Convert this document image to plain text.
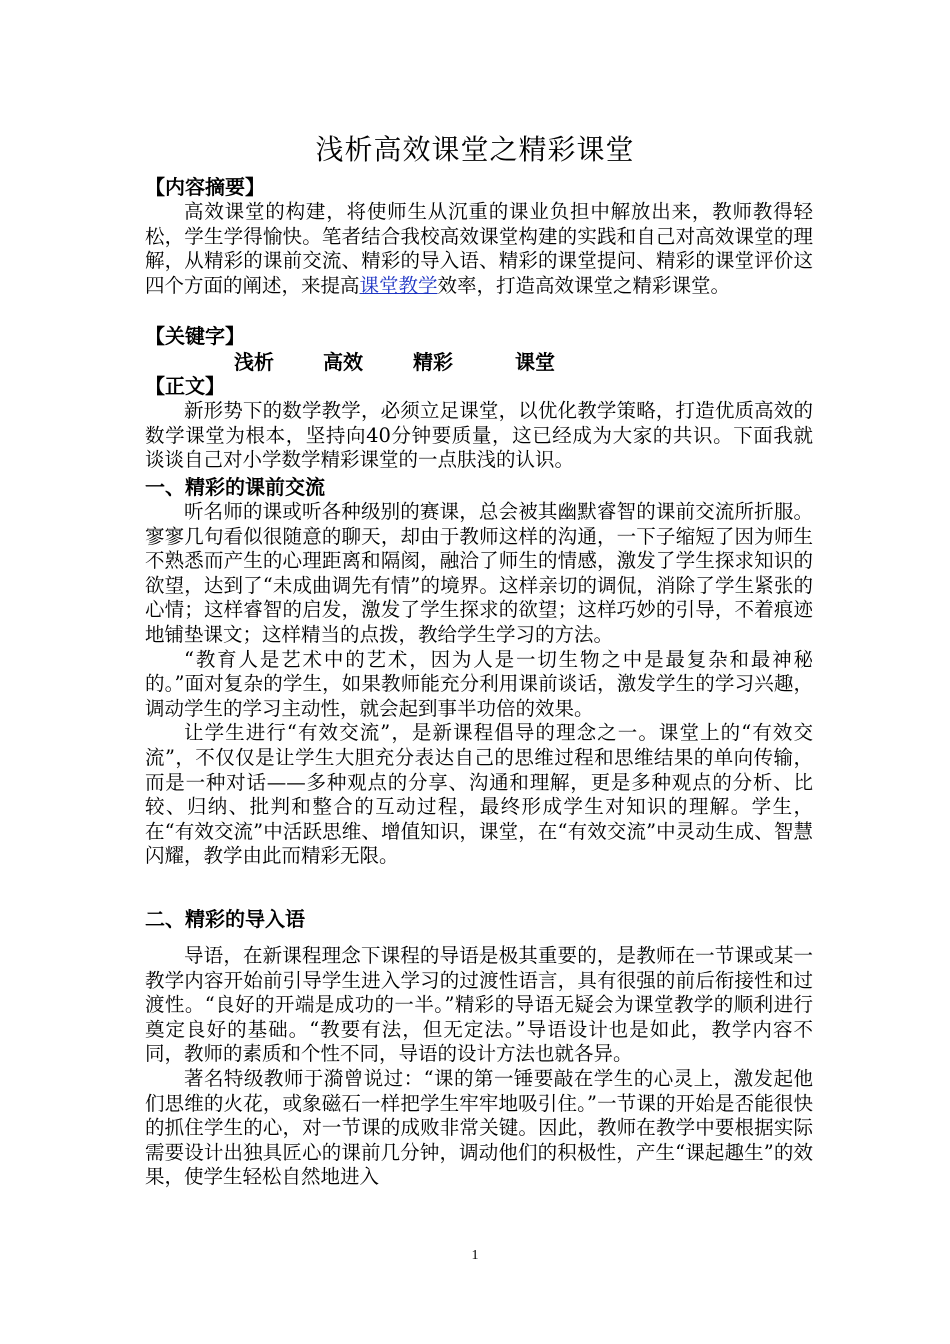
浅析高效课堂之精彩课堂

【内容摘要】

高效课堂的构建，将使师生从沉重的课业负担中解放出来，教师教得轻松，学生学得愉快。笔者结合我校高效课堂构建的实践和自己对高效课堂的理解，从精彩的课前交流、精彩的导入语、精彩的课堂提问、精彩的课堂评价这四个方面的阐述，来提高课堂教学效率，打造高效课堂之精彩课堂。

【关键字】

浅析 高效	精彩	课堂

【正文】

新形势下的数学教学，必须立足课堂，以优化教学策略，打造优质高效的数学课堂为根本，坚持向40分钟要质量，这已经成为大家的共识。下面我就谈谈自己对小学数学精彩课堂的一点肤浅的认识。

一、精彩的课前交流

听名师的课或听各种级别的赛课，总会被其幽默睿智的课前交流所折服。寥寥几句看似很随意的聊天，却由于教师这样的沟通，一下子缩短了因为师生不熟悉而产生的心理距离和隔阂，融洽了师生的情感，激发了学生探求知识的欲望，达到了“未成曲调先有情”的境界。这样亲切的调侃，消除了学生紧张的心情；这样睿智的启发，激发了学生探求的欲望；这样巧妙的引导，不着痕迹地铺垫课文；这样精当的点拨，教给学生学习的方法。

“教育人是艺术中的艺术，因为人是一切生物之中是最复杂和最神秘的。”面对复杂的学生，如果教师能充分利用课前谈话，激发学生的学习兴趣，调动学生的学习主动性，就会起到事半功倍的效果。

让学生进行“有效交流”，是新课程倡导的理念之一。课堂上的“有效交流”，不仅仅是让学生大胆充分表达自己的思维过程和思维结果的单向传输，而是一种对话——多种观点的分享、沟通和理解，更是多种观点的分析、比较、归纳、批判和整合的互动过程，最终形成学生对知识的理解。学生，在“有效交流”中活跃思维、增值知识，课堂，在“有效交流”中灵动生成、智慧闪耀，教学由此而精彩无限。

二、精彩的导入语

导语，在新课程理念下课程的导语是极其重要的，是教师在一节课或某一教学内容开始前引导学生进入学习的过渡性语言，具有很强的前后衔接性和过渡性。“良好的开端是成功的一半。”精彩的导语无疑会为课堂教学的顺利进行奠定良好的基础。“教要有法，但无定法。”导语设计也是如此，教学内容不同，教师的素质和个性不同，导语的设计方法也就各异。

著名特级教师于漪曾说过：“课的第一锤要敲在学生的心灵上，激发起他们思维的火花，或象磁石一样把学生牢牢地吸引住。”一节课的开始是否能很快的抓住学生的心，对一节课的成败非常关键。因此，教师在教学中要根据实际需要设计出独具匠心的课前几分钟，调动他们的积极性，产生“课起趣生”的效果，使学生轻松自然地进入

1
